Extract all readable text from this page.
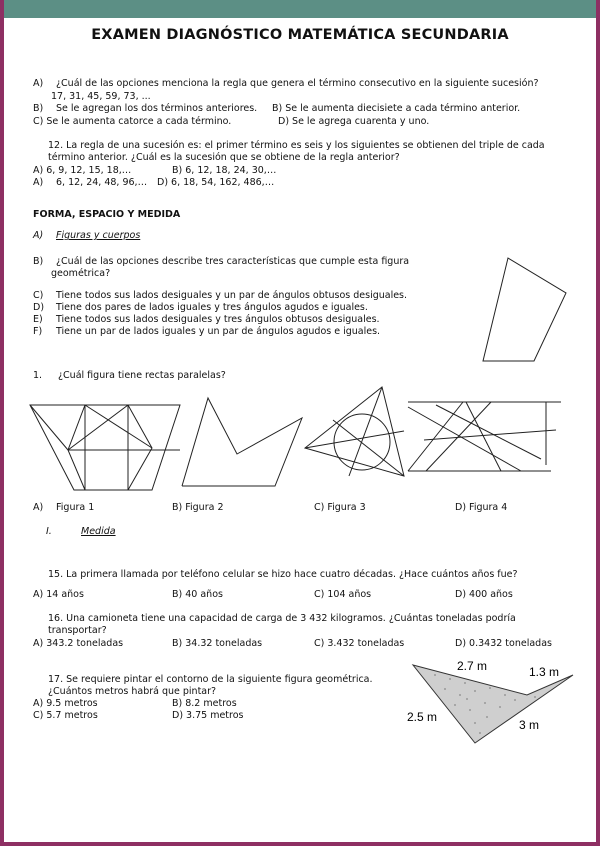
EXAMEN DIAGNÓSTICO MATEMÁTICA SECUNDARIA
A) ¿Cuál de las opciones menciona la regla que genera el término consecutivo en la siguiente sucesión?
17, 31, 45, 59, 73, ...
B) Se le agregan los dos términos anteriores. B) Se le aumenta diecisiete a cada término anterior.
C) Se le aumenta catorce a cada término.	D) Se le agrega cuarenta y uno.
12. La regla de una sucesión es: el primer término es seis y los siguientes se obtienen del triple de cada
término anterior. ¿Cuál es la sucesión que se obtiene de la regla anterior?
A) 6, 9, 12, 15, 18,…	B) 6, 12, 18, 24, 30,…
A) 6, 12, 24, 48, 96,… D) 6, 18, 54, 162, 486,…
FORMA, ESPACIO Y MEDIDA
A) Figuras y cuerpos
B) ¿Cuál de las opciones describe tres características que cumple esta figura
geométrica?
C) Tiene todos sus lados desiguales y un par de ángulos obtusos desiguales.
D) Tiene dos pares de lados iguales y tres ángulos agudos e iguales.
E) Tiene todos sus lados desiguales y tres ángulos obtusos desiguales.
F) Tiene un par de lados iguales y un par de ángulos agudos e iguales.
1. ¿Cuál figura tiene rectas paralelas?
A) Figura 1	B) Figura 2	C) Figura 3	D) Figura 4
I.	Medida
15. La primera llamada por teléfono celular se hizo hace cuatro décadas. ¿Hace cuántos años fue?
A) 14 años	B) 40 años	C) 104 años	D) 400 años
16. Una camioneta tiene una capacidad de carga de 3 432 kilogramos. ¿Cuántas toneladas podría
transportar?
A) 343.2 toneladas	B) 34.32 toneladas	C) 3.432 toneladas	D) 0.3432 toneladas
17. Se requiere pintar el contorno de la siguiente figura geométrica.
¿Cuántos metros habrá que pintar?
A) 9.5 metros	B) 8.2 metros
C) 5.7 metros	D) 3.75 metros
2.7 m	1.3 m
2.5 m
3 m
